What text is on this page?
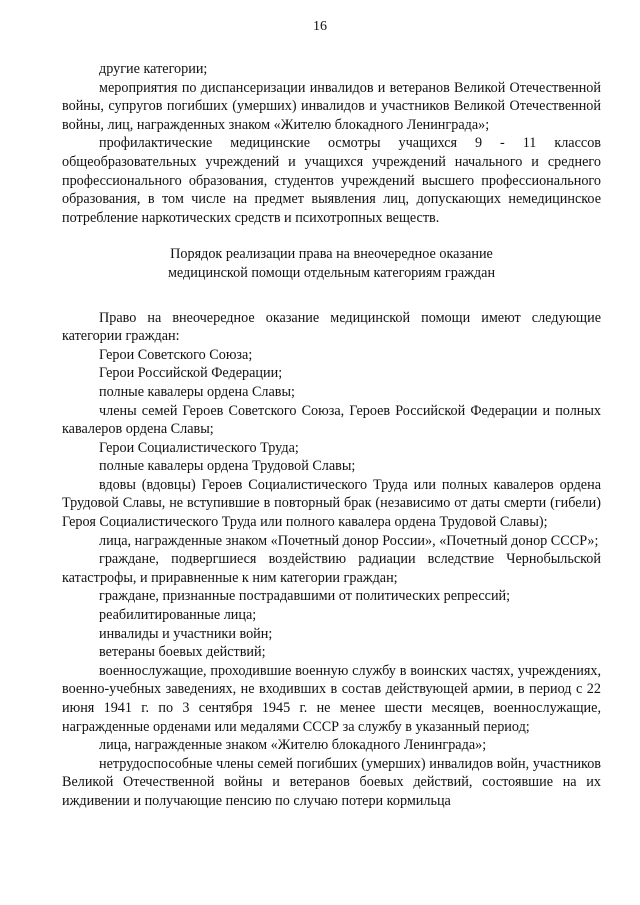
16

другие категории;

мероприятия по диспансеризации инвалидов и ветеранов Великой Отечественной войны, супругов погибших (умерших) инвалидов и участников Великой Отечественной войны, лиц, награжденных знаком «Жителю блокадного Ленинграда»;

профилактические медицинские осмотры учащихся 9 - 11 классов общеобразовательных учреждений и учащихся учреждений начального и среднего профессионального образования, студентов учреждений высшего профессионального образования, в том числе на предмет выявления лиц, допускающих немедицинское потребление наркотических средств и психотропных веществ.

Порядок реализации права на внеочередное оказание
медицинской помощи отдельным категориям граждан

Право на внеочередное оказание медицинской помощи имеют следующие категории граждан:

Герои Советского Союза;

Герои Российской Федерации;

полные кавалеры ордена Славы;

члены семей Героев Советского Союза, Героев Российской Федерации и полных кавалеров ордена Славы;

Герои Социалистического Труда;

полные кавалеры ордена Трудовой Славы;

вдовы (вдовцы) Героев Социалистического Труда или полных кавалеров ордена Трудовой Славы, не вступившие в повторный брак (независимо от даты смерти (гибели) Героя Социалистического Труда или полного кавалера ордена Трудовой Славы);

лица, награжденные знаком «Почетный донор России», «Почетный донор СССР»;

граждане, подвергшиеся воздействию радиации вследствие Чернобыльской катастрофы, и приравненные к ним категории граждан;

граждане, признанные пострадавшими от политических репрессий;

реабилитированные лица;

инвалиды и участники войн;

ветераны боевых действий;

военнослужащие, проходившие военную службу в воинских частях, учреждениях, военно-учебных заведениях, не входивших в состав действующей армии, в период с 22 июня 1941 г. по 3 сентября 1945 г. не менее шести месяцев, военнослужащие, награжденные орденами или медалями СССР за службу в указанный период;

лица, награжденные знаком «Жителю блокадного Ленинграда»;

нетрудоспособные члены семей погибших (умерших) инвалидов войн, участников Великой Отечественной войны и ветеранов боевых действий, состоявшие на их иждивении и получающие пенсию по случаю потери кормильца
